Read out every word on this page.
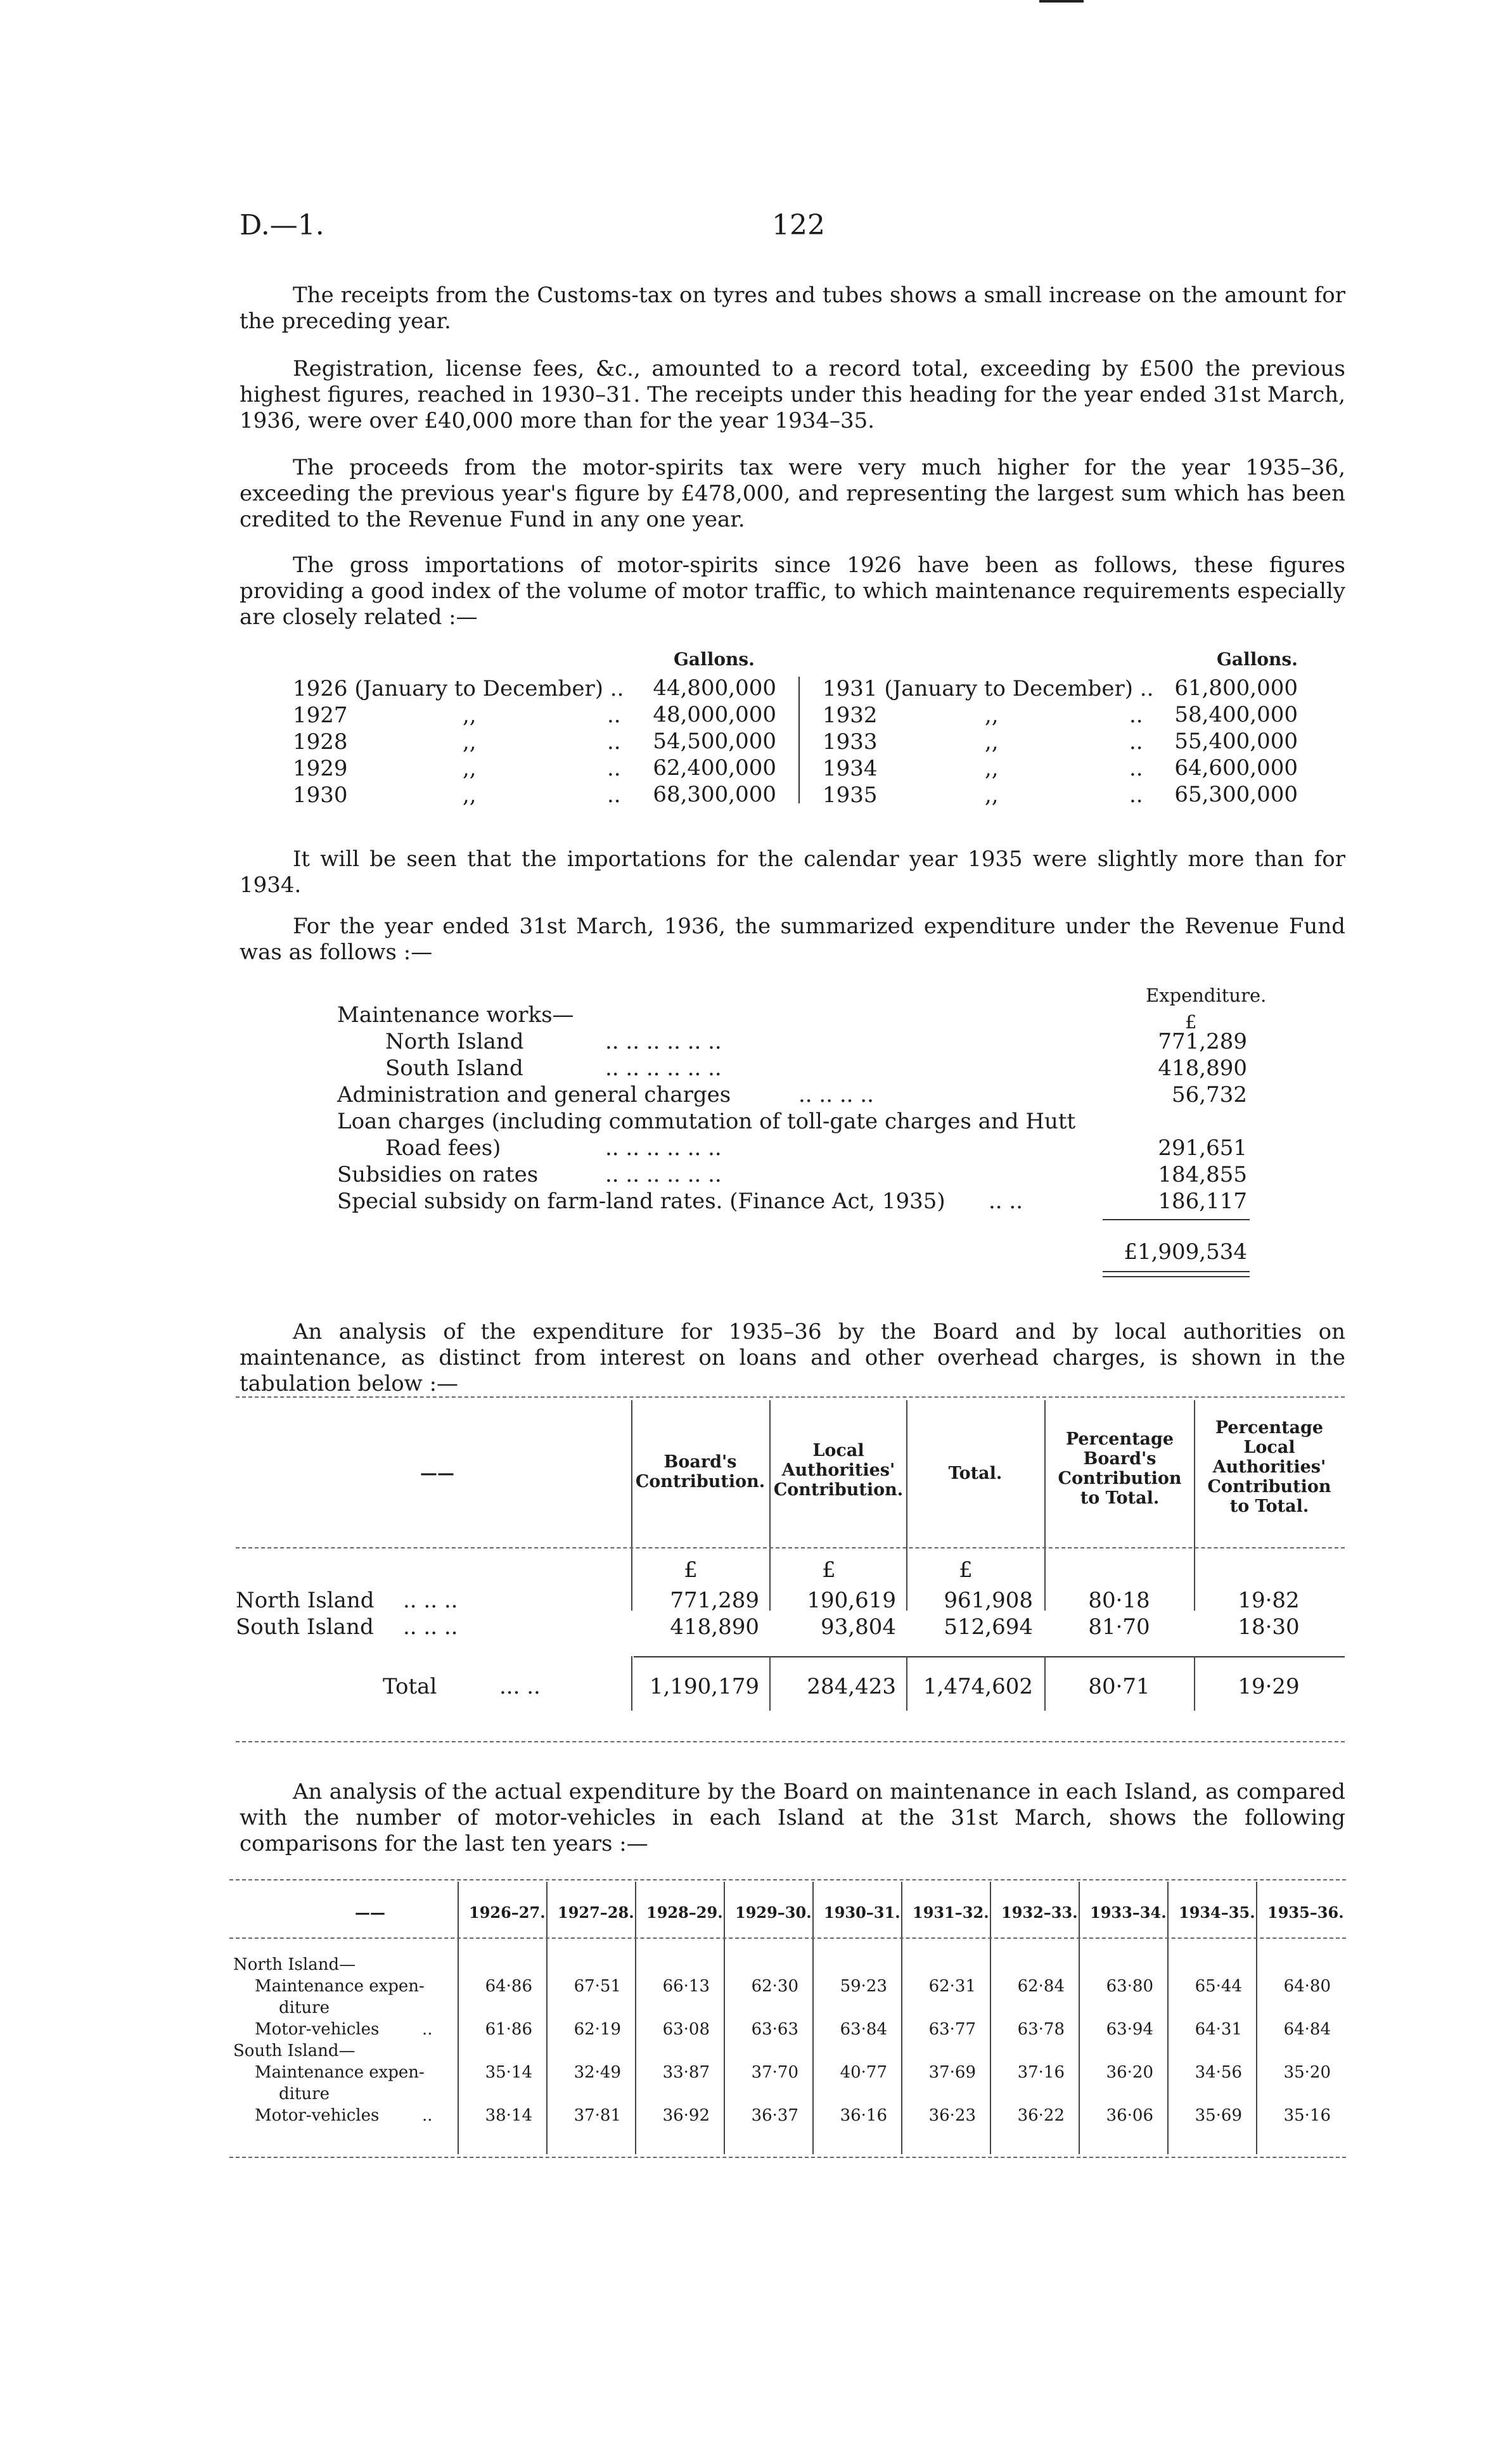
D.—1.	122

The receipts from the Customs-tax on tyres and tubes shows a small increase on the amount for the preceding year.

Registration, license fees, &c., amounted to a record total, exceeding by £500 the previous highest figures, reached in 1930–31. The receipts under this heading for the year ended 31st March, 1936, were over £40,000 more than for the year 1934–35.

The proceeds from the motor-spirits tax were very much higher for the year 1935–36, exceeding the previous year's figure by £478,000, and representing the largest sum which has been credited to the Revenue Fund in any one year.

The gross importations of motor-spirits since 1926 have been as follows, these figures providing a good index of the volume of motor traffic, to which maintenance requirements especially are closely related :—

Gallons.	Gallons.
1926 (January to December) .. 44,800,000
1927	,,	.. 48,000,000
1928	,,	.. 54,500,000
1929	,,	.. 62,400,000
1930	,,	.. 68,300,000
1931 (January to December) .. 61,800,000
1932	,,	.. 58,400,000
1933	,,	.. 55,400,000
1934	,,	.. 64,600,000
1935	,,	.. 65,300,000

It will be seen that the importations for the calendar year 1935 were slightly more than for 1934.

For the year ended 31st March, 1936, the summarized expenditure under the Revenue Fund was as follows :—

Expenditure.
£
Maintenance works—
North Island	.. .. .. .. .. ..	771,289
South Island	.. .. .. .. .. ..	418,890
Administration and general charges	.. .. .. ..	56,732
Loan charges (including commutation of toll-gate charges and Hutt
Road fees)	.. .. .. .. .. ..	291,651
Subsidies on rates	.. .. .. .. .. ..	184,855
Special subsidy on farm-land rates. (Finance Act, 1935) .. ..	186,117
£1,909,534

An analysis of the expenditure for 1935–36 by the Board and by local authorities on maintenance, as distinct from interest on loans and other overhead charges, is shown in the tabulation below :—

——
Board's Contribution.
Local Authorities' Contribution.
Total.
Percentage Board's Contribution to Total.
Percentage Local Authorities' Contribution to Total.
£	£	£
North Island .. .. ..	771,289	190,619	961,908	80·18	19·82
South Island .. .. ..	418,890	93,804	512,694	81·70	18·30
Total	... ..	1,190,179	284,423	1,474,602	80·71	19·29

An analysis of the actual expenditure by the Board on maintenance in each Island, as compared with the number of motor-vehicles in each Island at the 31st March, shows the following comparisons for the last ten years :—

——	1926–27. 1927–28. 1928–29. 1929–30. 1930–31. 1931–32. 1932–33. 1933–34. 1934–35. 1935–36.
North Island—
Maintenance expen-
diture
64·86	67·51	66·13	62·30	59·23	62·31	62·84	63·80	65·44	64·80
Motor-vehicles	..	61·86	62·19	63·08	63·63	63·84	63·77	63·78	63·94	64·31	64·84
South Island—
Maintenance expen-
diture
35·14	32·49	33·87	37·70	40·77	37·69	37·16	36·20	34·56	35·20
Motor-vehicles	..	38·14	37·81	36·92	36·37	36·16	36·23	36·22	36·06	35·69	35·16
